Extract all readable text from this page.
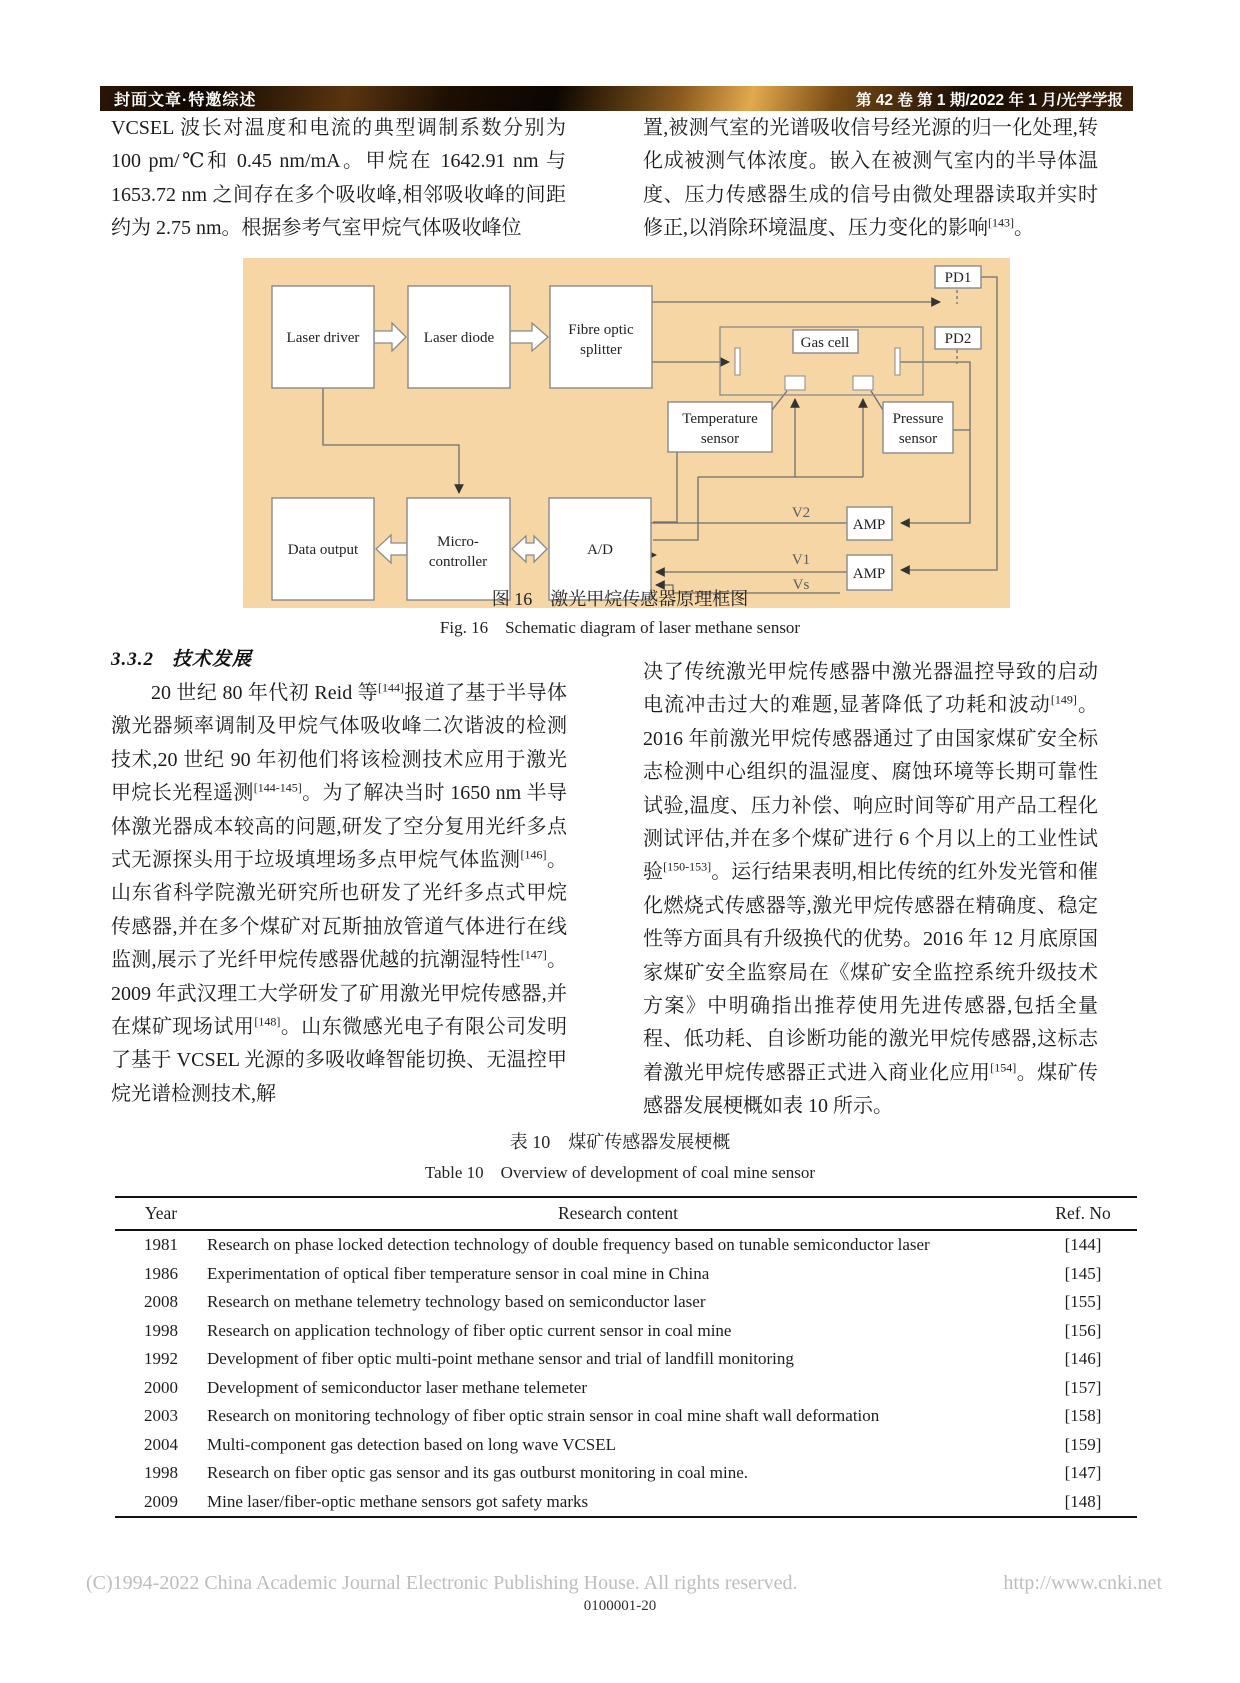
封面文章·特邀综述	第 42 卷 第 1 期/2022 年 1 月/光学学报

VCSEL 波长对温度和电流的典型调制系数分别为 100 pm/℃和 0.45 nm/mA。甲烷在 1642.91 nm 与 1653.72 nm 之间存在多个吸收峰,相邻吸收峰的间距约为 2.75 nm。根据参考气室甲烷气体吸收峰位

置,被测气室的光谱吸收信号经光源的归一化处理,转化成被测气体浓度。嵌入在被测气室内的半导体温度、压力传感器生成的信号由微处理器读取并实时修正,以消除环境温度、压力变化的影响[143]。

Laser driver	Laser diode	Fibre optic
splitter
PD1
PD2
Gas cell
Temperature
sensor
Pressure
sensor
AMP
AMP
A/D
Micro-
controller
Data output
V2
V1
Vs
图 16　激光甲烷传感器原理框图
Fig. 16　Schematic diagram of laser methane sensor
3.3.2 技术发展

20 世纪 80 年代初 Reid 等[144]报道了基于半导体激光器频率调制及甲烷气体吸收峰二次谐波的检测技术,20 世纪 90 年初他们将该检测技术应用于激光甲烷长光程遥测[144-145]。为了解决当时 1650 nm 半导体激光器成本较高的问题,研发了空分复用光纤多点式无源探头用于垃圾填埋场多点甲烷气体监测[146]。山东省科学院激光研究所也研发了光纤多点式甲烷传感器,并在多个煤矿对瓦斯抽放管道气体进行在线监测,展示了光纤甲烷传感器优越的抗潮湿特性[147]。2009 年武汉理工大学研发了矿用激光甲烷传感器,并在煤矿现场试用[148]。山东微感光电子有限公司发明了基于 VCSEL 光源的多吸收峰智能切换、无温控甲烷光谱检测技术,解

决了传统激光甲烷传感器中激光器温控导致的启动电流冲击过大的难题,显著降低了功耗和波动[149]。2016 年前激光甲烷传感器通过了由国家煤矿安全标志检测中心组织的温湿度、腐蚀环境等长期可靠性试验,温度、压力补偿、响应时间等矿用产品工程化测试评估,并在多个煤矿进行 6 个月以上的工业性试验[150-153]。运行结果表明,相比传统的红外发光管和催化燃烧式传感器等,激光甲烷传感器在精确度、稳定性等方面具有升级换代的优势。2016 年 12 月底原国家煤矿安全监察局在《煤矿安全监控系统升级技术方案》中明确指出推荐使用先进传感器,包括全量程、低功耗、自诊断功能的激光甲烷传感器,这标志着激光甲烷传感器正式进入商业化应用[154]。煤矿传感器发展梗概如表 10 所示。

表 10　煤矿传感器发展梗概
Table 10　Overview of development of coal mine sensor
Year	Research content	Ref. No
1981	Research on phase locked detection technology of double frequency based on tunable semiconductor laser	[144]
1986	Experimentation of optical fiber temperature sensor in coal mine in China	[145]
2008	Research on methane telemetry technology based on semiconductor laser	[155]
1998	Research on application technology of fiber optic current sensor in coal mine	[156]
1992	Development of fiber optic multi-point methane sensor and trial of landfill monitoring	[146]
2000	Development of semiconductor laser methane telemeter	[157]
2003	Research on monitoring technology of fiber optic strain sensor in coal mine shaft wall deformation	[158]
2004	Multi-component gas detection based on long wave VCSEL	[159]
1998	Research on fiber optic gas sensor and its gas outburst monitoring in coal mine.	[147]
2009	Mine laser/fiber-optic methane sensors got safety marks	[148]
(C)1994-2022 China Academic Journal Electronic Publishing House. All rights reserved.	http://www.cnki.net
0100001-20
